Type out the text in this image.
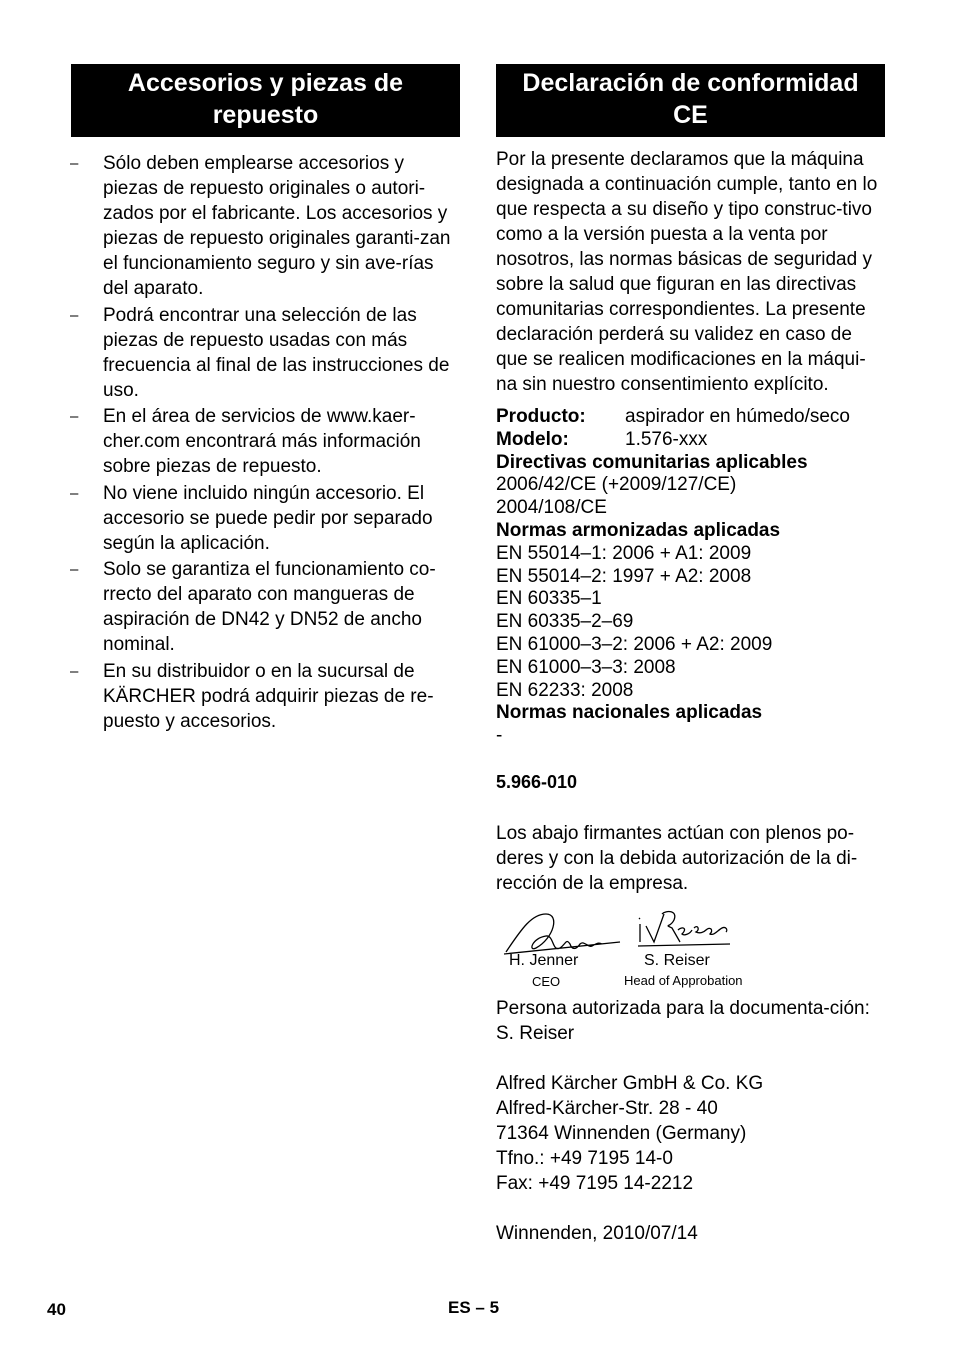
Accesorios y piezas de
repuesto
– Sólo deben emplearse accesorios y piezas de repuesto originales o autori-zados por el fabricante. Los accesorios y piezas de repuesto originales garanti-zan el funcionamiento seguro y sin ave-rías del aparato.
– Podrá encontrar una selección de las piezas de repuesto usadas con más frecuencia al final de las instrucciones de uso.
– En el área de servicios de www.kaer-cher.com encontrará más información sobre piezas de repuesto.
– No viene incluido ningún accesorio. El accesorio se puede pedir por separado según la aplicación.
– Solo se garantiza el funcionamiento co-rrecto del aparato con mangueras de aspiración de DN42 y DN52 de ancho nominal.
– En su distribuidor o en la sucursal de KÄRCHER podrá adquirir piezas de re-puesto y accesorios.
Declaración de conformidad
CE
Por la presente declaramos que la máquina designada a continuación cumple, tanto en lo que respecta a su diseño y tipo construc-tivo como a la versión puesta a la venta por nosotros, las normas básicas de seguridad y sobre la salud que figuran en las directivas comunitarias correspondientes. La presente declaración perderá su validez en caso de que se realicen modificaciones en la máqui-na sin nuestro consentimiento explícito.
Producto:	aspirador en húmedo/seco
Modelo:	1.576-xxx
Directivas comunitarias aplicables
2006/42/CE (+2009/127/CE)
2004/108/CE
Normas armonizadas aplicadas
EN 55014–1: 2006 + A1: 2009
EN 55014–2: 1997 + A2: 2008
EN 60335–1
EN 60335–2–69
EN 61000–3–2: 2006 + A2: 2009
EN 61000–3–3: 2008
EN 62233: 2008
Normas nacionales aplicadas
-
5.966-010
Los abajo firmantes actúan con plenos po-deres y con la debida autorización de la di-rección de la empresa.
H. Jenner
CEO
S. Reiser
Head of Approbation
Persona autorizada para la documenta-ción:
S. Reiser
Alfred Kärcher GmbH & Co. KG
Alfred-Kärcher-Str. 28 - 40
71364 Winnenden (Germany)
Tfno.: +49 7195 14-0
Fax: +49 7195 14-2212
Winnenden, 2010/07/14
40	ES – 5
